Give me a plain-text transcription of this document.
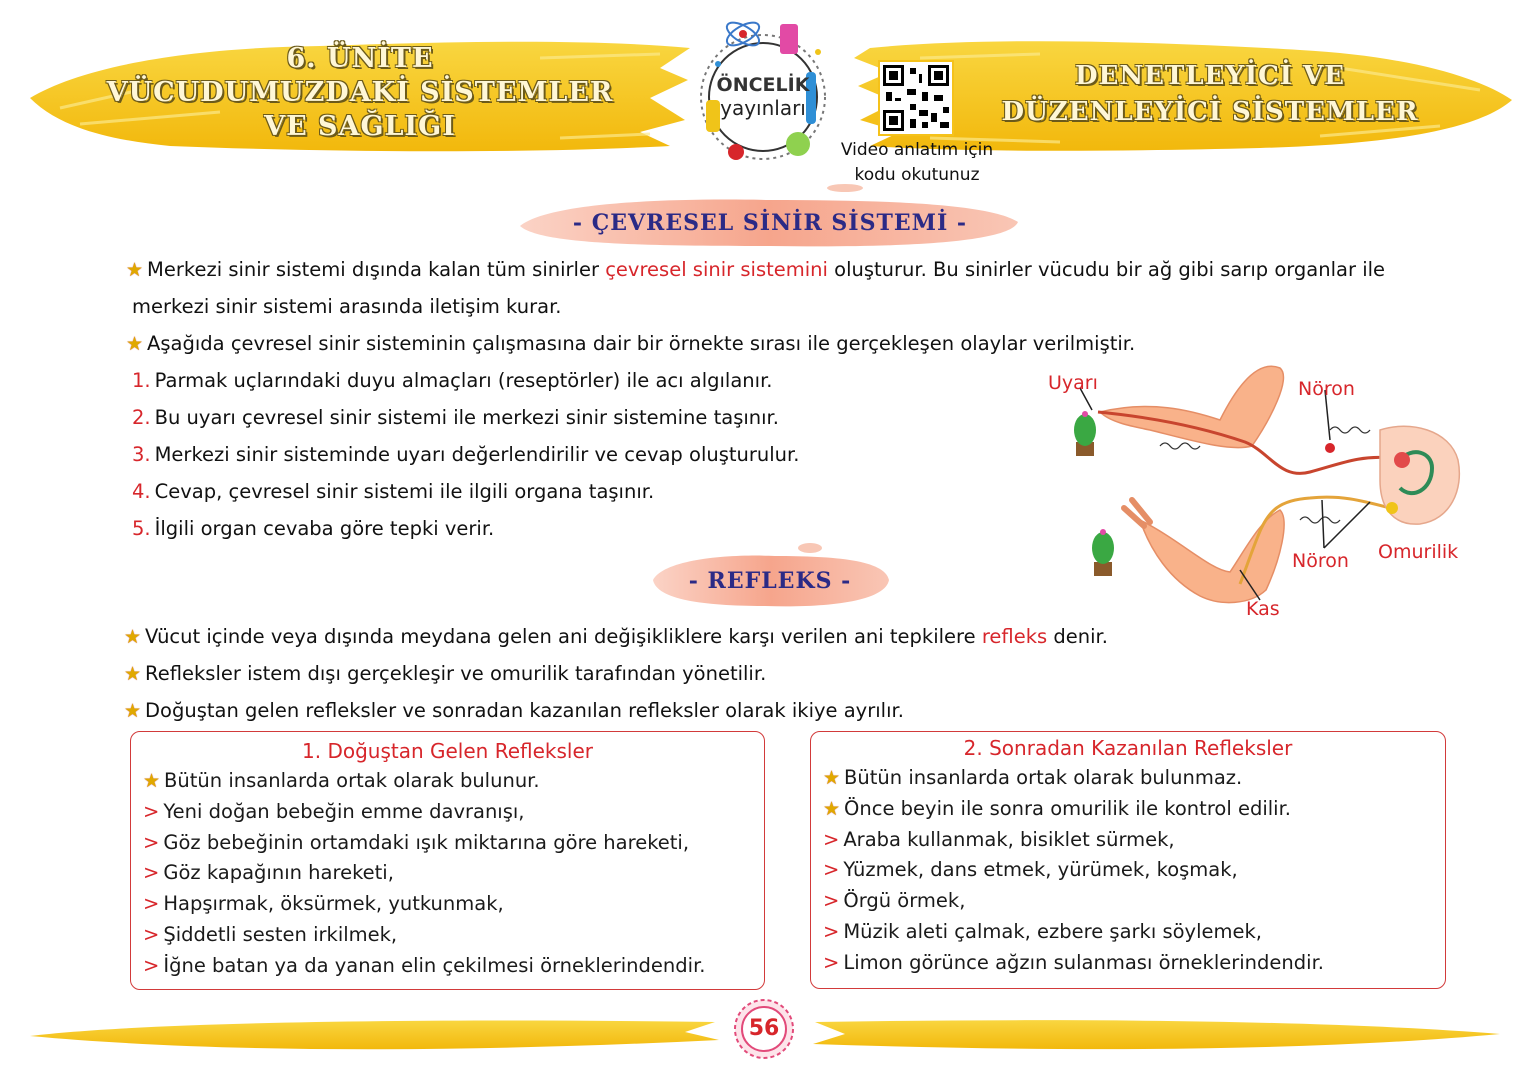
6. ÜNİTE
VÜCUDUMUZDAKİ SİSTEMLER
VE SAĞLIĞI
DENETLEYİCİ VE
DÜZENLEYİCİ SİSTEMLER
ÖNCELİK
yayınları
Video anlatım için
kodu okutunuz
- ÇEVRESEL SİNİR SİSTEMİ -
★ Merkezi sinir sistemi dışında kalan tüm sinirler çevresel sinir sistemini oluşturur. Bu sinirler vücudu bir ağ gibi sarıp organlar ile
merkezi sinir sistemi arasında iletişim kurar.
★ Aşağıda çevresel sinir sisteminin çalışmasına dair bir örnekte sırası ile gerçekleşen olaylar verilmiştir.
1. Parmak uçlarındaki duyu almaçları (reseptörler) ile acı algılanır.
2. Bu uyarı çevresel sinir sistemi ile merkezi sinir sistemine taşınır.
3. Merkezi sinir sisteminde uyarı değerlendirilir ve cevap oluşturulur.
4. Cevap, çevresel sinir sistemi ile ilgili organa taşınır.
5. İlgili organ cevaba göre tepki verir.
Uyarı	Nöron
Nöron Omurilik
Kas
- REFLEKS -
★ Vücut içinde veya dışında meydana gelen ani değişikliklere karşı verilen ani tepkilere refleks denir.
★ Refleksler istem dışı gerçekleşir ve omurilik tarafından yönetilir.
★ Doğuştan gelen refleksler ve sonradan kazanılan refleksler olarak ikiye ayrılır.
1. Doğuştan Gelen Refleksler
★ Bütün insanlarda ortak olarak bulunur.
> Yeni doğan bebeğin emme davranışı,
> Göz bebeğinin ortamdaki ışık miktarına göre hareketi,
> Göz kapağının hareketi,
> Hapşırmak, öksürmek, yutkunmak,
> Şiddetli sesten irkilmek,
> İğne batan ya da yanan elin çekilmesi örneklerindendir.
2. Sonradan Kazanılan Refleksler
★ Bütün insanlarda ortak olarak bulunmaz.
★ Önce beyin ile sonra omurilik ile kontrol edilir.
> Araba kullanmak, bisiklet sürmek,
> Yüzmek, dans etmek, yürümek, koşmak,
> Örgü örmek,
> Müzik aleti çalmak, ezbere şarkı söylemek,
> Limon görünce ağzın sulanması örneklerindendir.
56
